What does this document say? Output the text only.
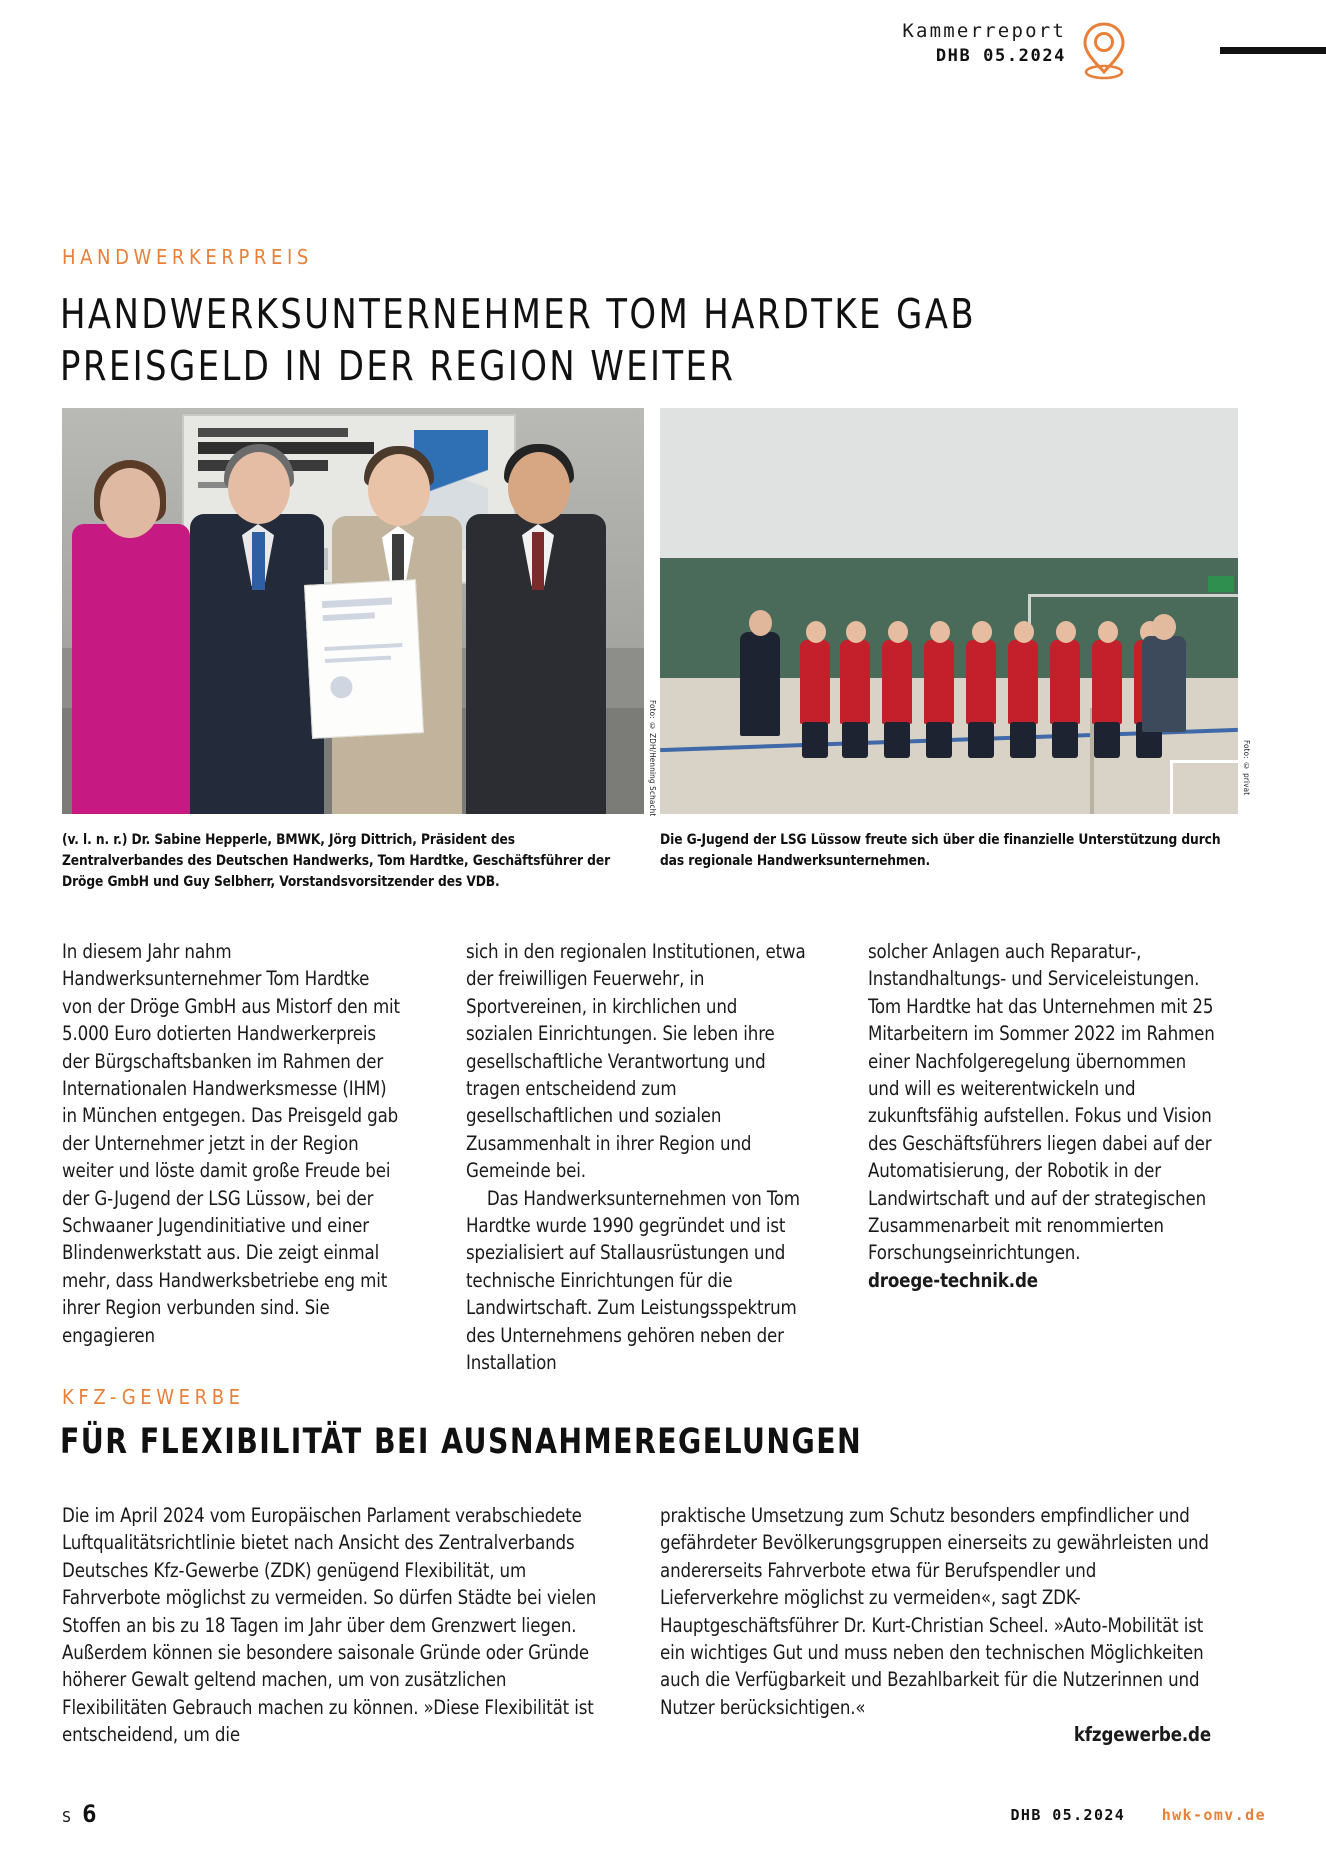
Kammerreport
DHB 05.2024
HANDWERKERPREIS
HANDWERKSUNTERNEHMER TOM HARDTKE GAB PREISGELD IN DER REGION WEITER
Foto: © ZDH/Henning Schacht	Foto: © privat
(v. l. n. r.) Dr. Sabine Hepperle, BMWK, Jörg Dittrich, Präsident des Zentralverbandes des Deutschen Handwerks, Tom Hardtke, Geschäftsführer der Dröge GmbH und Guy Selbherr, Vorstandsvorsitzender des VDB.
Die G-Jugend der LSG Lüssow freute sich über die finanzielle Unterstützung durch das regionale Handwerksunternehmen.
In diesem Jahr nahm Handwerksunternehmer Tom Hardtke von der Dröge GmbH aus Mistorf den mit 5.000 Euro dotierten Handwerkerpreis der Bürgschaftsbanken im Rahmen der Internationalen Handwerksmesse (IHM) in München entgegen. Das Preisgeld gab der Unternehmer jetzt in der Region weiter und löste damit große Freude bei der G-Jugend der LSG Lüssow, bei der Schwaaner Jugendinitiative und einer Blindenwerkstatt aus. Die zeigt einmal mehr, dass Handwerksbetriebe eng mit ihrer Region verbunden sind. Sie engagieren
sich in den regionalen Institutionen, etwa der freiwilligen Feuerwehr, in Sportvereinen, in kirchlichen und sozialen Einrichtungen. Sie leben ihre gesellschaftliche Verantwortung und tragen entscheidend zum gesellschaftlichen und sozialen Zusammenhalt in ihrer Region und Gemeinde bei.
Das Handwerksunternehmen von Tom Hardtke wurde 1990 gegründet und ist spezialisiert auf Stallausrüstungen und technische Einrichtungen für die Landwirtschaft. Zum Leistungsspektrum des Unternehmens gehören neben der Installation
solcher Anlagen auch Reparatur-, Instandhaltungs- und Serviceleistungen. Tom Hardtke hat das Unternehmen mit 25 Mitarbeitern im Sommer 2022 im Rahmen einer Nachfolgeregelung übernommen und will es weiterentwickeln und zukunftsfähig aufstellen. Fokus und Vision des Geschäftsführers liegen dabei auf der Automatisierung, der Robotik in der Landwirtschaft und auf der strategischen Zusammenarbeit mit renommierten Forschungseinrichtungen.
droege-technik.de
KFZ-GEWERBE
FÜR FLEXIBILITÄT BEI AUSNAHMEREGELUNGEN
Die im April 2024 vom Europäischen Parlament verabschiedete Luftqualitätsrichtlinie bietet nach Ansicht des Zentralverbands Deutsches Kfz-Gewerbe (ZDK) genügend Flexibilität, um Fahrverbote möglichst zu vermeiden. So dürfen Städte bei vielen Stoffen an bis zu 18 Tagen im Jahr über dem Grenzwert liegen. Außerdem können sie besondere saisonale Gründe oder Gründe höherer Gewalt geltend machen, um von zusätzlichen Flexibilitäten Gebrauch machen zu können. »Diese Flexibilität ist entscheidend, um die
praktische Umsetzung zum Schutz besonders empfindlicher und gefährdeter Bevölkerungsgruppen einerseits zu gewährleisten und andererseits Fahrverbote etwa für Berufspendler und Lieferverkehre möglichst zu vermeiden«, sagt ZDK-Hauptgeschäftsführer Dr. Kurt-Christian Scheel. »Auto-Mobilität ist ein wichtiges Gut und muss neben den technischen Möglichkeiten auch die Verfügbarkeit und Bezahlbarkeit für die Nutzerinnen und Nutzer berücksichtigen.«
kfzgewerbe.de
S 6	DHB 05.2024 hwk-omv.de
